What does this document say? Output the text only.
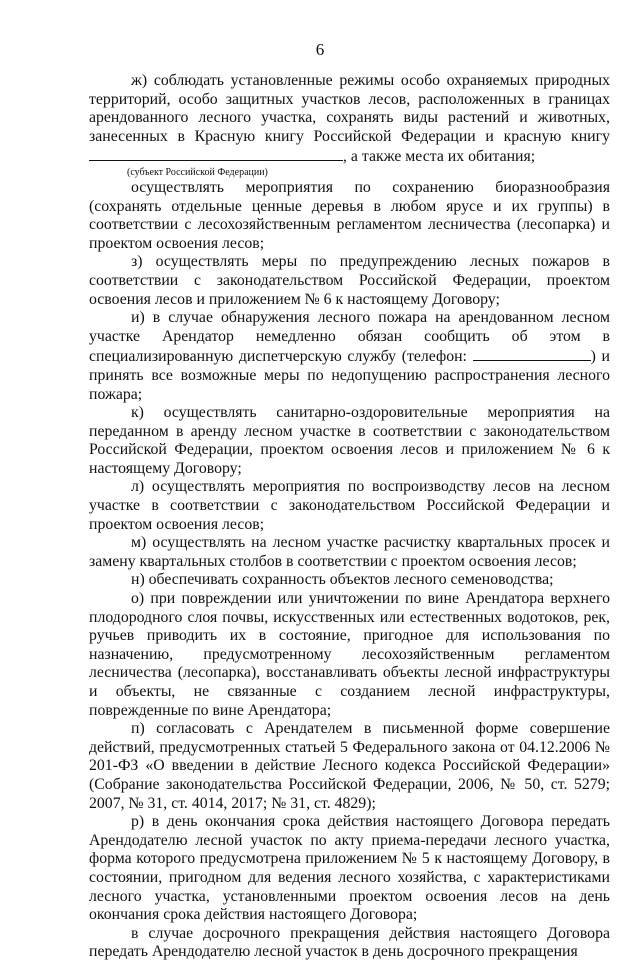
6

ж) соблюдать установленные режимы особо охраняемых природных территорий, особо защитных участков лесов, расположенных в границах арендованного лесного участка, сохранять виды растений и животных, занесенных в Красную книгу Российской Федерации и красную книгу , а также места их обитания;

(субъект Российской Федерации)

осуществлять мероприятия по сохранению биоразнообразия (сохранять отдельные ценные деревья в любом ярусе и их группы) в соответствии с лесохозяйственным регламентом лесничества (лесопарка) и проектом освоения лесов;

з) осуществлять меры по предупреждению лесных пожаров в соответствии с законодательством Российской Федерации, проектом освоения лесов и приложением № 6 к настоящему Договору;

и) в случае обнаружения лесного пожара на арендованном лесном участке Арендатор немедленно обязан сообщить об этом в специализированную диспетчерскую службу (телефон:	) и принять все возможные меры по недопущению распространения лесного пожара;

к) осуществлять санитарно-оздоровительные мероприятия на переданном в аренду лесном участке в соответствии с законодательством Российской Федерации, проектом освоения лесов и приложением № 6 к настоящему Договору;

л) осуществлять мероприятия по воспроизводству лесов на лесном участке в соответствии с законодательством Российской Федерации и проектом освоения лесов;

м) осуществлять на лесном участке расчистку квартальных просек и замену квартальных столбов в соответствии с проектом освоения лесов;

н) обеспечивать сохранность объектов лесного семеноводства;

о) при повреждении или уничтожении по вине Арендатора верхнего плодородного слоя почвы, искусственных или естественных водотоков, рек, ручьев приводить их в состояние, пригодное для использования по назначению, предусмотренному лесохозяйственным регламентом лесничества (лесопарка), восстанавливать объекты лесной инфраструктуры и объекты, не связанные с созданием лесной инфраструктуры, поврежденные по вине Арендатора;

п) согласовать с Арендателем в письменной форме совершение действий, предусмотренных статьей 5 Федерального закона от 04.12.2006 № 201-ФЗ «О введении в действие Лесного кодекса Российской Федерации» (Собрание законодательства Российской Федерации, 2006, № 50, ст. 5279; 2007, № 31, ст. 4014, 2017; № 31, ст. 4829);

р) в день окончания срока действия настоящего Договора передать Арендодателю лесной участок по акту приема-передачи лесного участка, форма которого предусмотрена приложением № 5 к настоящему Договору, в состоянии, пригодном для ведения лесного хозяйства, с характеристиками лесного участка, установленными проектом освоения лесов на день окончания срока действия настоящего Договора;

в случае досрочного прекращения действия настоящего Договора передать Арендодателю лесной участок в день досрочного прекращения
